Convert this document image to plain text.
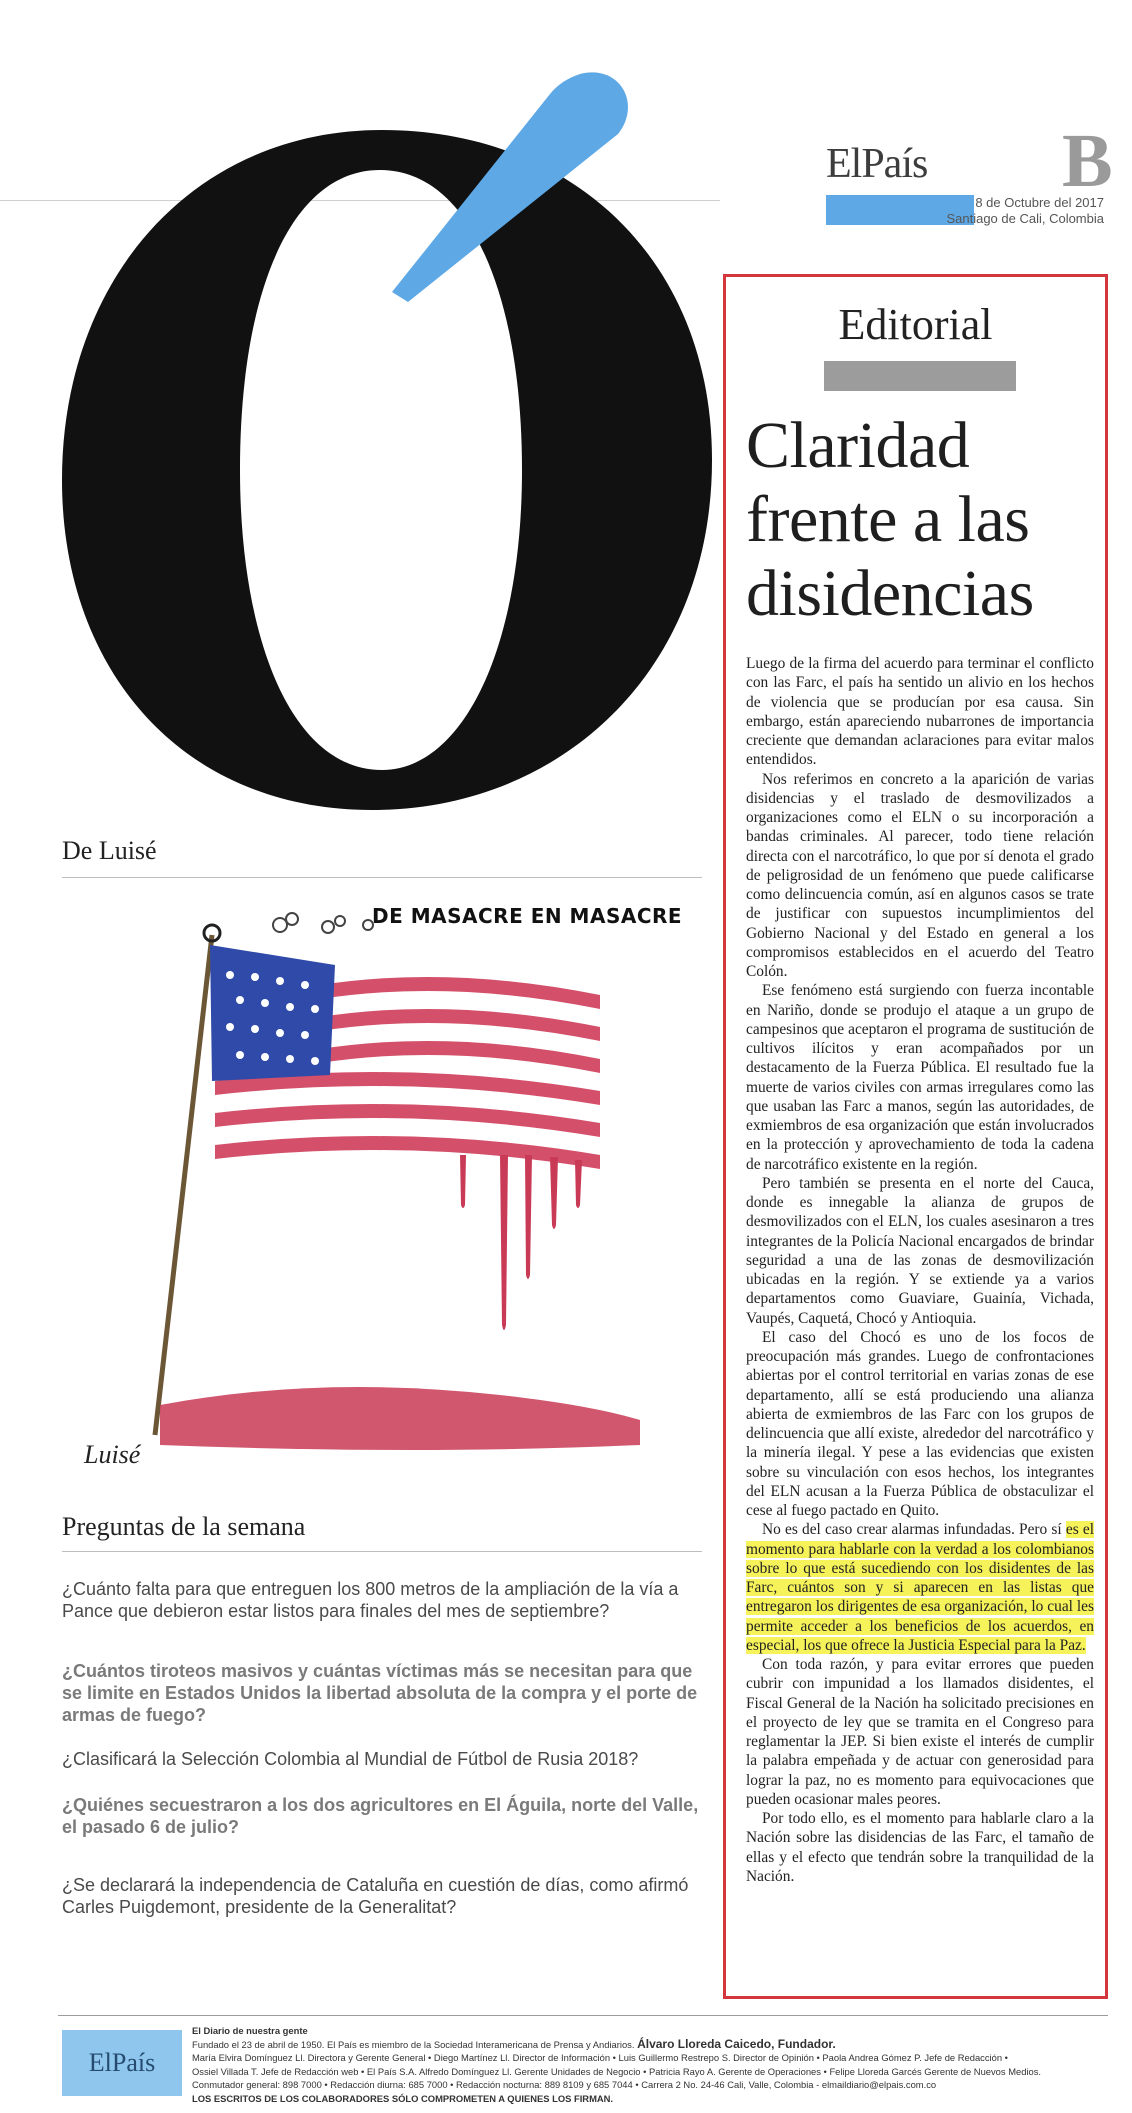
ElPaís B
8 de Octubre del 2017
Santiago de Cali, Colombia
De Luisé
DE MASACRE EN MASACRE
Luisé
Preguntas de la semana
¿Cuánto falta para que entreguen los 800 metros de la ampliación de la vía a Pance que debieron estar listos para finales del mes de septiembre?
¿Cuántos tiroteos masivos y cuántas víctimas más se necesitan para que se limite en Estados Unidos la libertad absoluta de la compra y el porte de armas de fuego?
¿Clasificará la Selección Colombia al Mundial de Fútbol de Rusia 2018?
¿Quiénes secuestraron a los dos agricultores en El Águila, norte del Valle, el pasado 6 de julio?
¿Se declarará la independencia de Cataluña en cuestión de días, como afirmó Carles Puigdemont, presidente de la Generalitat?
Editorial
Claridad frente a las disidencias

Luego de la firma del acuerdo para terminar el conflicto con las Farc, el país ha sentido un alivio en los hechos de violencia que se producían por esa causa. Sin embargo, están apareciendo nubarrones de importancia creciente que demandan aclaraciones para evitar malos entendidos.

Nos referimos en concreto a la aparición de varias disidencias y el traslado de desmovilizados a organizaciones como el ELN o su incorporación a bandas criminales. Al parecer, todo tiene relación directa con el narcotráfico, lo que por sí denota el grado de peligrosidad de un fenómeno que puede calificarse como delincuencia común, así en algunos casos se trate de justificar con supuestos incumplimientos del Gobierno Nacional y del Estado en general a los compromisos establecidos en el acuerdo del Teatro Colón.

Ese fenómeno está surgiendo con fuerza incontable en Nariño, donde se produjo el ataque a un grupo de campesinos que aceptaron el programa de sustitución de cultivos ilícitos y eran acompañados por un destacamento de la Fuerza Pública. El resultado fue la muerte de varios civiles con armas irregulares como las que usaban las Farc a manos, según las autoridades, de exmiembros de esa organización que están involucrados en la protección y aprovechamiento de toda la cadena de narcotráfico existente en la región.

Pero también se presenta en el norte del Cauca, donde es innegable la alianza de grupos de desmovilizados con el ELN, los cuales asesinaron a tres integrantes de la Policía Nacional encargados de brindar seguridad a una de las zonas de desmovilización ubicadas en la región. Y se extiende ya a varios departamentos como Guaviare, Guainía, Vichada, Vaupés, Caquetá, Chocó y Antioquia.

El caso del Chocó es uno de los focos de preocupación más grandes. Luego de confrontaciones abiertas por el control territorial en varias zonas de ese departamento, allí se está produciendo una alianza abierta de exmiembros de las Farc con los grupos de delincuencia que allí existe, alrededor del narcotráfico y la minería ilegal. Y pese a las evidencias que existen sobre su vinculación con esos hechos, los integrantes del ELN acusan a la Fuerza Pública de obstaculizar el cese al fuego pactado en Quito.

No es del caso crear alarmas infundadas. Pero sí es el momento para hablarle con la verdad a los colombianos sobre lo que está sucediendo con los disidentes de las Farc, cuántos son y si aparecen en las listas que entregaron los dirigentes de esa organización, lo cual les permite acceder a los beneficios de los acuerdos, en especial, los que ofrece la Justicia Especial para la Paz.

Con toda razón, y para evitar errores que pueden cubrir con impunidad a los llamados disidentes, el Fiscal General de la Nación ha solicitado precisiones en el proyecto de ley que se tramita en el Congreso para reglamentar la JEP. Si bien existe el interés de cumplir la palabra empeñada y de actuar con generosidad para lograr la paz, no es momento para equivocaciones que pueden ocasionar males peores.

Por todo ello, es el momento para hablarle claro a la Nación sobre las disidencias de las Farc, el tamaño de ellas y el efecto que tendrán sobre la tranquilidad de la Nación.

ElPaís
El Diario de nuestra gente
Fundado el 23 de abril de 1950. El País es miembro de la Sociedad Interamericana de Prensa y Andiarios. Álvaro Lloreda Caicedo, Fundador.
María Elvira Domínguez Ll. Directora y Gerente General • Diego Martínez Ll. Director de Información • Luis Guillermo Restrepo S. Director de Opinión • Paola Andrea Gómez P. Jefe de Redacción •
Ossiel Villada T. Jefe de Redacción web • El País S.A. Alfredo Domínguez Ll. Gerente Unidades de Negocio • Patricia Rayo A. Gerente de Operaciones • Felipe Lloreda Garcés Gerente de Nuevos Medios.
Conmutador general: 898 7000 • Redacción diurna: 685 7000 • Redacción nocturna: 889 8109 y 685 7044 • Carrera 2 No. 24-46 Cali, Valle, Colombia - elmaildiario@elpais.com.co
LOS ESCRITOS DE LOS COLABORADORES SÓLO COMPROMETEN A QUIENES LOS FIRMAN.
